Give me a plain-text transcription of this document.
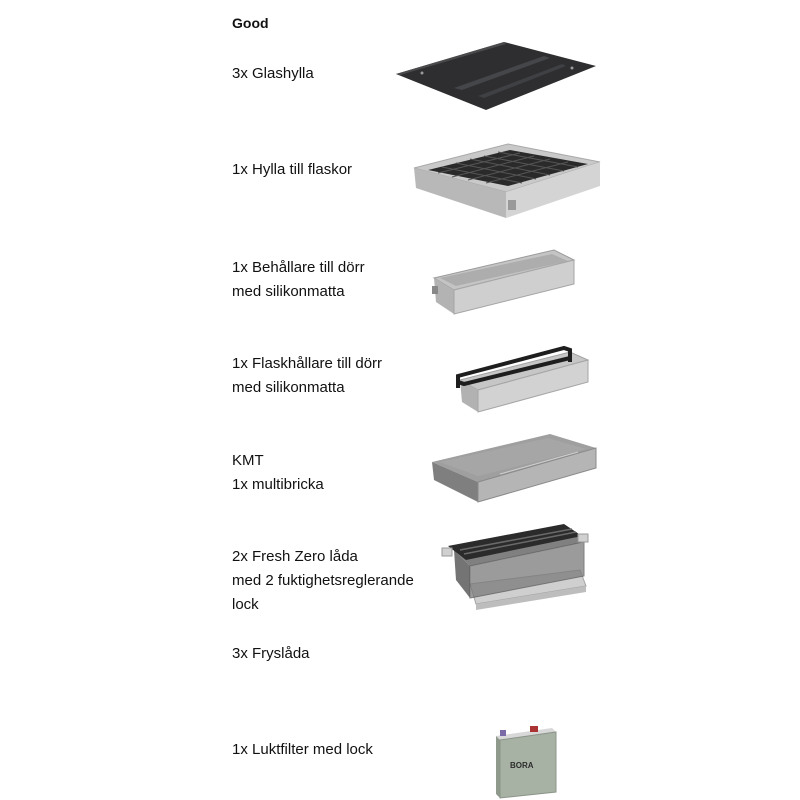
Good
3x Glashylla
1x Hylla till flaskor
1x Behållare till dörr
med silikonmatta
1x Flaskhållare till dörr
med silikonmatta
KMT
1x multibricka
2x Fresh Zero låda
med 2 fuktighetsreglerande
lock
3x Fryslåda
1x Luktfilter med lock
BORA
